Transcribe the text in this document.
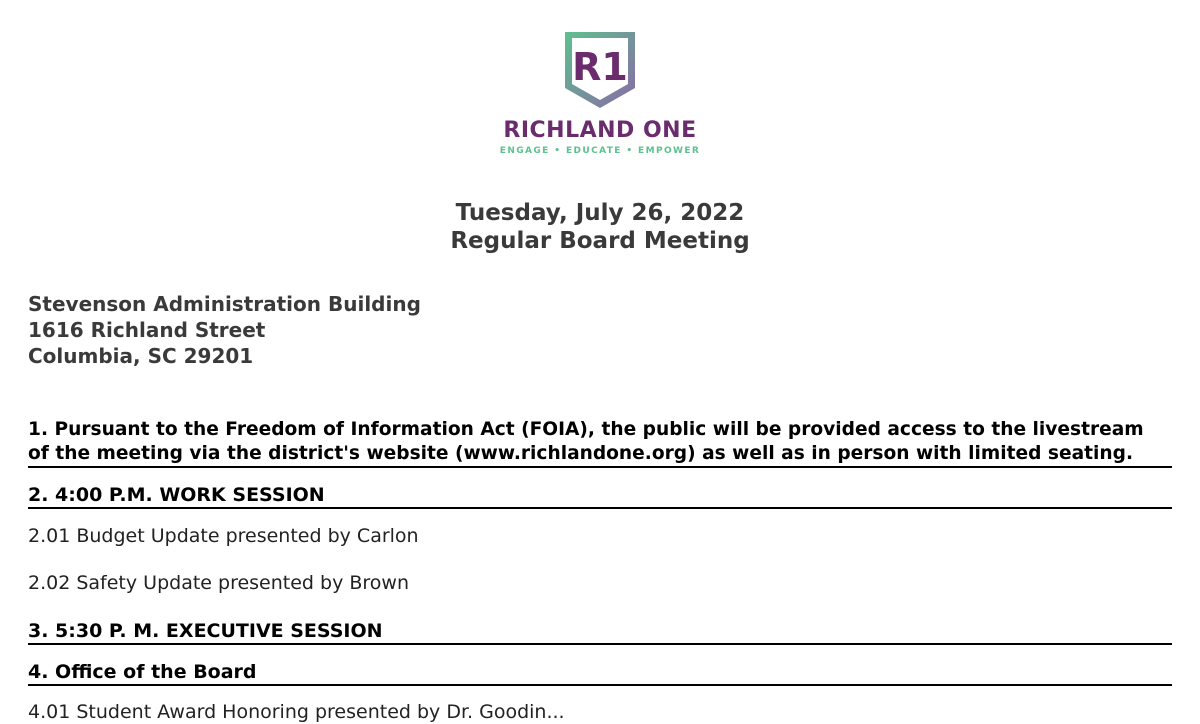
R1
RICHLAND ONE
ENGAGE • EDUCATE • EMPOWER
Tuesday, July 26, 2022
Regular Board Meeting
Stevenson Administration Building
1616 Richland Street
Columbia, SC 29201
1. Pursuant to the Freedom of Information Act (FOIA), the public will be provided access to the livestream
of the meeting via the district's website (www.richlandone.org) as well as in person with limited seating.
2. 4:00 P.M. WORK SESSION
2.01 Budget Update presented by Carlon
2.02 Safety Update presented by Brown
3. 5:30 P. M. EXECUTIVE SESSION
4. Office of the Board
4.01 Student Award Honoring presented by Dr. Goodin...
